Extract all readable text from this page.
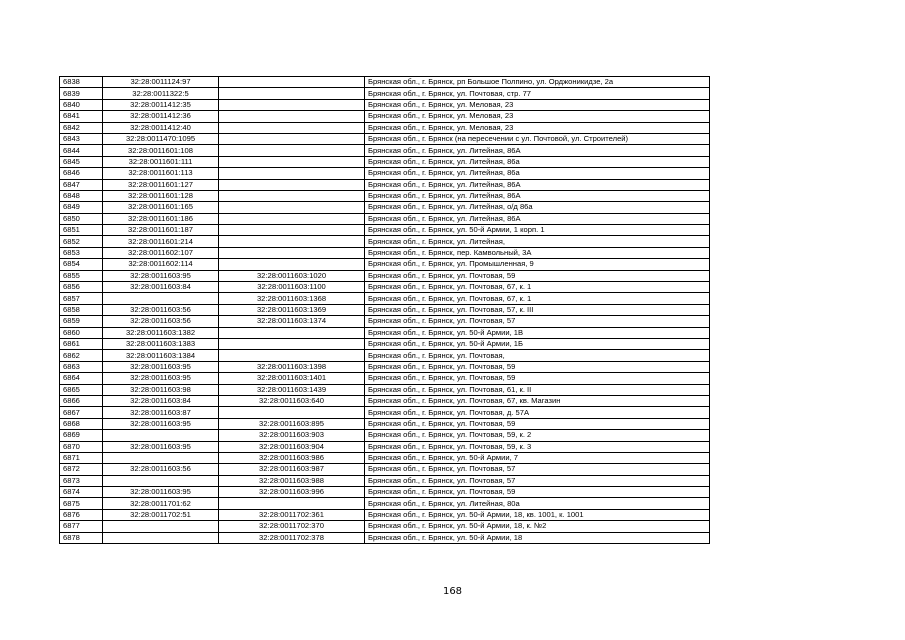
6838	32:28:0011124:97		Брянская обл., г. Брянск, рп Большое Полпино, ул. Орджоникидзе, 2а
6839	32:28:0011322:5		Брянская обл., г. Брянск, ул. Почтовая, стр. 77
6840	32:28:0011412:35		Брянская обл., г. Брянск, ул. Меловая, 23
6841	32:28:0011412:36		Брянская обл., г. Брянск, ул. Меловая, 23
6842	32:28:0011412:40		Брянская обл., г. Брянск, ул. Меловая, 23
6843	32:28:0011470:1095		Брянская обл., г. Брянск (на пересечении с ул. Почтовой, ул. Строителей)
6844	32:28:0011601:108		Брянская обл., г. Брянск, ул. Литейная, 86А
6845	32:28:0011601:111		Брянская обл., г. Брянск, ул. Литейная, 86а
6846	32:28:0011601:113		Брянская обл., г. Брянск, ул. Литейная, 86а
6847	32:28:0011601:127		Брянская обл., г. Брянск, ул. Литейная, 86А
6848	32:28:0011601:128		Брянская обл., г. Брянск, ул. Литейная, 86А
6849	32:28:0011601:165		Брянская обл., г. Брянск, ул. Литейная, о/д 86а
6850	32:28:0011601:186		Брянская обл., г. Брянск, ул. Литейная, 86А
6851	32:28:0011601:187		Брянская обл., г. Брянск, ул. 50-й Армии, 1 корп. 1
6852	32:28:0011601:214		Брянская обл., г. Брянск, ул. Литейная,
6853	32:28:0011602:107		Брянская обл., г. Брянск, пер. Камвольный, 3А
6854	32:28:0011602:114		Брянская обл., г. Брянск, ул. Промышленная, 9
6855	32:28:0011603:95	32:28:0011603:1020	Брянская обл., г. Брянск, ул. Почтовая, 59
6856	32:28:0011603:84	32:28:0011603:1100	Брянская обл., г. Брянск, ул. Почтовая, 67, к. 1
6857		32:28:0011603:1368	Брянская обл., г. Брянск, ул. Почтовая, 67, к. 1
6858	32:28:0011603:56	32:28:0011603:1369	Брянская обл., г. Брянск, ул. Почтовая, 57, к. III
6859	32:28:0011603:56	32:28:0011603:1374	Брянская обл., г. Брянск, ул. Почтовая, 57
6860	32:28:0011603:1382		Брянская обл., г. Брянск, ул. 50-й Армии, 1В
6861	32:28:0011603:1383		Брянская обл., г. Брянск, ул. 50-й Армии, 1Б
6862	32:28:0011603:1384		Брянская обл., г. Брянск, ул. Почтовая,
6863	32:28:0011603:95	32:28:0011603:1398	Брянская обл., г. Брянск, ул. Почтовая, 59
6864	32:28:0011603:95	32:28:0011603:1401	Брянская обл., г. Брянск, ул. Почтовая, 59
6865	32:28:0011603:98	32:28:0011603:1439	Брянская обл., г. Брянск, ул. Почтовая, 61, к. II
6866	32:28:0011603:84	32:28:0011603:640	Брянская обл., г. Брянск, ул. Почтовая, 67, кв. Магазин
6867	32:28:0011603:87		Брянская обл., г. Брянск, ул. Почтовая, д. 57А
6868	32:28:0011603:95	32:28:0011603:895	Брянская обл., г. Брянск, ул. Почтовая, 59
6869		32:28:0011603:903	Брянская обл., г. Брянск, ул. Почтовая, 59, к. 2
6870	32:28:0011603:95	32:28:0011603:904	Брянская обл., г. Брянск, ул. Почтовая, 59, к. 3
6871		32:28:0011603:986	Брянская обл., г. Брянск, ул. 50-й Армии, 7
6872	32:28:0011603:56	32:28:0011603:987	Брянская обл., г. Брянск, ул. Почтовая, 57
6873		32:28:0011603:988	Брянская обл., г. Брянск, ул. Почтовая, 57
6874	32:28:0011603:95	32:28:0011603:996	Брянская обл., г. Брянск, ул. Почтовая, 59
6875	32:28:0011701:62		Брянская обл., г. Брянск, ул. Литейная, 80а
6876	32:28:0011702:51	32:28:0011702:361	Брянская обл., г. Брянск, ул. 50-й Армии, 18, кв. 1001, к. 1001
6877		32:28:0011702:370	Брянская обл., г. Брянск, ул. 50-й Армии, 18, к. №2
6878		32:28:0011702:378	Брянская обл., г. Брянск, ул. 50-й Армии, 18
168
